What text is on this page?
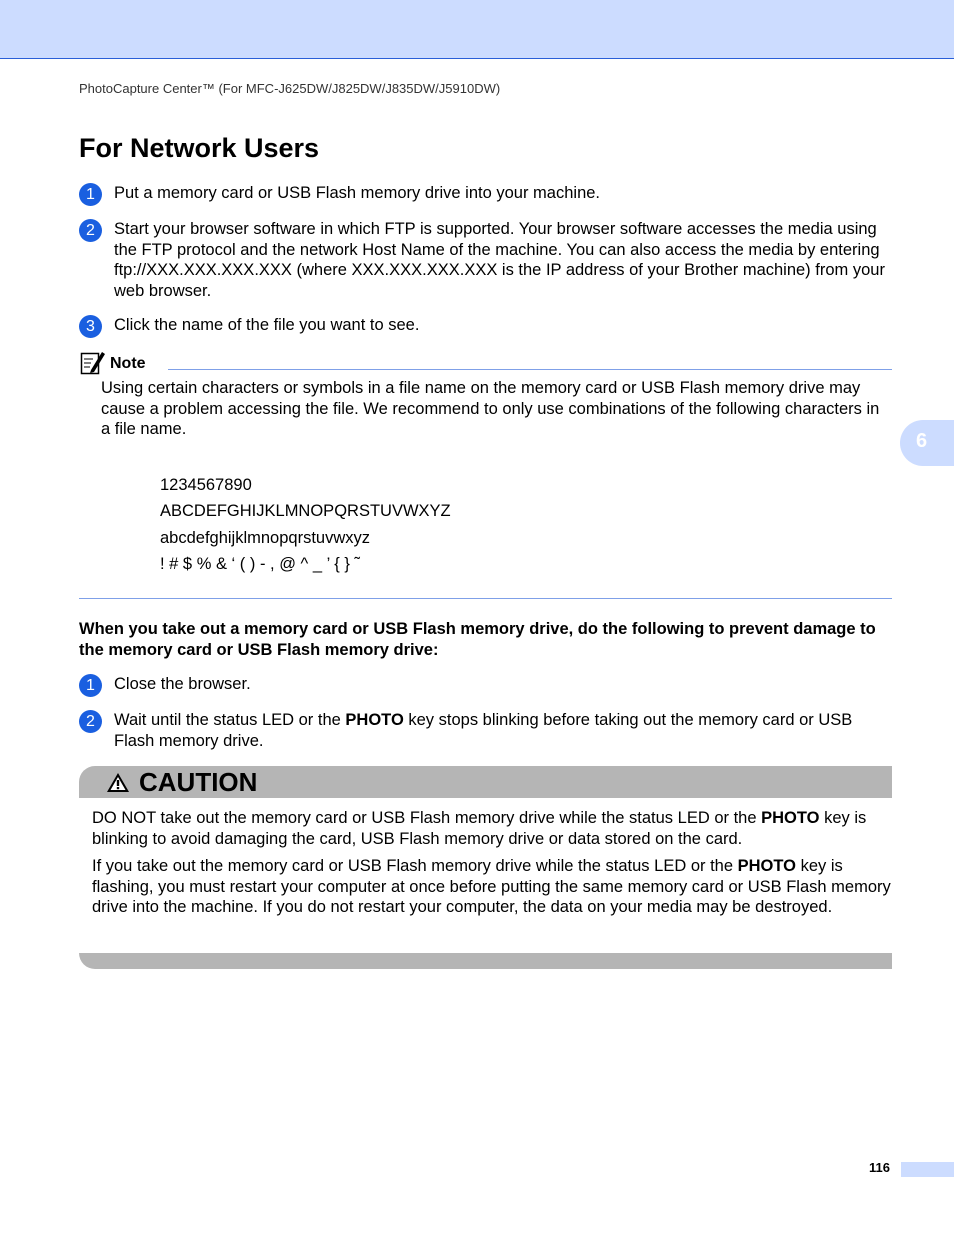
PhotoCapture Center™ (For MFC-J625DW/J825DW/J835DW/J5910DW)
For Network Users
1	Put a memory card or USB Flash memory drive into your machine.
2	Start your browser software in which FTP is supported. Your browser software accesses the media using the FTP protocol and the network Host Name of the machine. You can also access the media by entering ftp://XXX.XXX.XXX.XXX (where XXX.XXX.XXX.XXX is the IP address of your Brother machine) from your web browser.
3	Click the name of the file you want to see.
Note
Using certain characters or symbols in a file name on the memory card or USB Flash memory drive may cause a problem accessing the file. We recommend to only use combinations of the following characters in a file name.
1234567890
ABCDEFGHIJKLMNOPQRSTUVWXYZ
abcdefghijklmnopqrstuvwxyz
! # $ % & ‘ ( ) - , @ ^ _ ’ { } ˜
When you take out a memory card or USB Flash memory drive, do the following to prevent damage to the memory card or USB Flash memory drive:
1	Close the browser.
2	Wait until the status LED or the PHOTO key stops blinking before taking out the memory card or USB Flash memory drive.
CAUTION
DO NOT take out the memory card or USB Flash memory drive while the status LED or the PHOTO key is blinking to avoid damaging the card, USB Flash memory drive or data stored on the card.
If you take out the memory card or USB Flash memory drive while the status LED or the PHOTO key is flashing, you must restart your computer at once before putting the same memory card or USB Flash memory drive into the machine. If you do not restart your computer, the data on your media may be destroyed.
6
116
